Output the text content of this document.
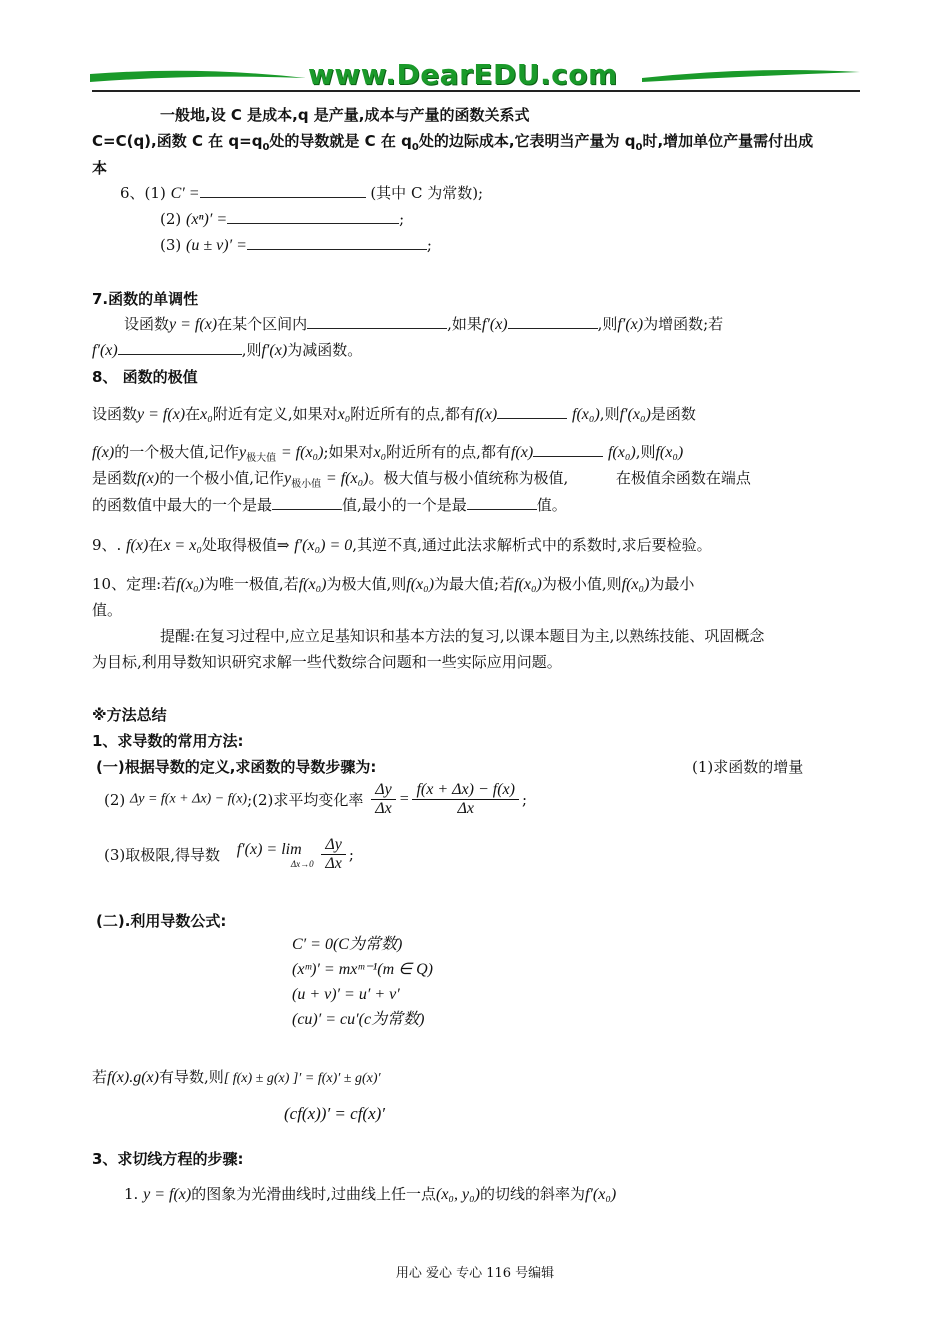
www.DearEDU.com
一般地,设 C 是成本,q 是产量,成本与产量的函数关系式
C=C(q),函数 C 在 $q=q_0$处的导数就是 C 在 $q_0$处的边际成本,它表明当产量为 $q_0$时,增加单位产量需付出成
本
6、(1) C′ =	(其中 C 为常数);
(2) (xⁿ)′ =	;
(3) (u ± v)′ =	;
7.函数的单调性
设函数y = f(x)在某个区间内	,如果f′(x)	,则f′(x)为增函数;若
f′(x)	,则f′(x)为减函数。
8、 函数的极值
设函数y = f(x)在x₀附近有定义,如果对x₀附近所有的点,都有f(x)	f(x₀),则f′(x₀)是函数
f(x)的一个极大值,记作$y_{极大值} = f(x_0)$;如果对x₀附近所有的点,都有f(x)	f(x₀),则f(x₀)
是函数f(x)的一个极小值,记作$y_{极小值} = f(x_0)$。极大值与极小值统称为极值,	在极值余函数在端点
的函数值中最大的一个是最	值,最小的一个是最	值。
9、. f(x)在x = x₀处取得极值⇒ f′(x₀) = 0,其逆不真,通过此法求解析式中的系数时,求后要检验。
10、定理:若f(x₀)为唯一极值,若f(x₀)为极大值,则f(x₀)为最大值;若f(x₀)为极小值,则f(x₀)为最小
值。
提醒:在复习过程中,应立足基知识和基本方法的复习,以课本题目为主,以熟练技能、巩固概念
为目标,利用导数知识研究求解一些代数综合问题和一些实际应用问题。
※方法总结
1、求导数的常用方法:
(一)根据导数的定义,求函数的导数步骤为:	(1)求函数的增量
(2) Δy = f(x + Δx) − f(x);(2)求平均变化率 $\frac{\Delta y}{\Delta x} = \frac{f(x + \Delta x) - f(x)}{\Delta x}$ ;
(3)取极限,得导数	f′(x) = lim
Δx→0
$\frac{\Delta y}{\Delta x}$ ;
(二).利用导数公式:
C′ = 0(C为常数)
(xᵐ)′ = mxᵐ⁻¹(m ∈ Q)
(u + v)′ = u′ + v′
(cu)′ = cu′(c为常数)
若f(x).g(x)有导数,则[ f(x) ± g(x) ]′ = f(x)′ ± g(x)′
(cf(x))′ = cf(x)′
3、求切线方程的步骤:
1. y = f(x)的图象为光滑曲线时,过曲线上任一点(x₀, y₀)的切线的斜率为f′(x₀)
用心 爱心 专心 116 号编辑
